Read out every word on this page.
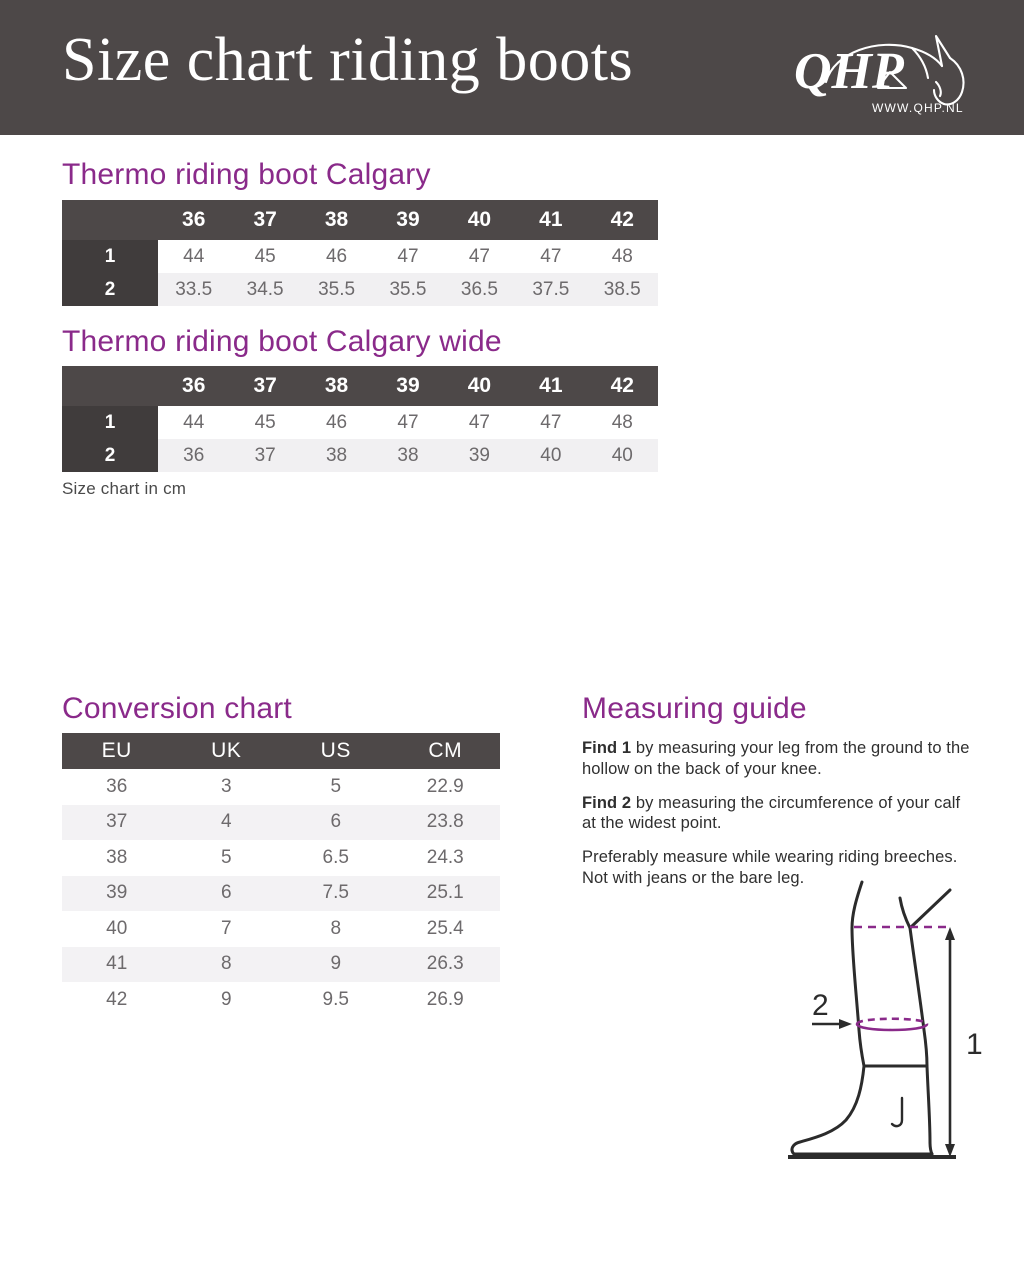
Size chart riding boots	QHP
WWW.QHP.NL
Thermo riding boot Calgary
	36	37	38	39	40	41	42
1	44	45	46	47	47	47	48
2	33.5	34.5	35.5	35.5	36.5	37.5	38.5
Thermo riding boot Calgary wide
	36	37	38	39	40	41	42
1	44	45	46	47	47	47	48
2	36	37	38	38	39	40	40
Size chart in cm
Conversion chart
EU	UK	US	CM
36	3	5	22.9
37	4	6	23.8
38	5	6.5	24.3
39	6	7.5	25.1
40	7	8	25.4
41	8	9	26.3
42	9	9.5	26.9
Measuring guide

Find 1 by measuring your leg from the ground to the hollow on the back of your knee.

Find 2 by measuring the circumference of your calf at the widest point.

Preferably measure while wearing riding breeches. Not with jeans or the bare leg.

1
2
